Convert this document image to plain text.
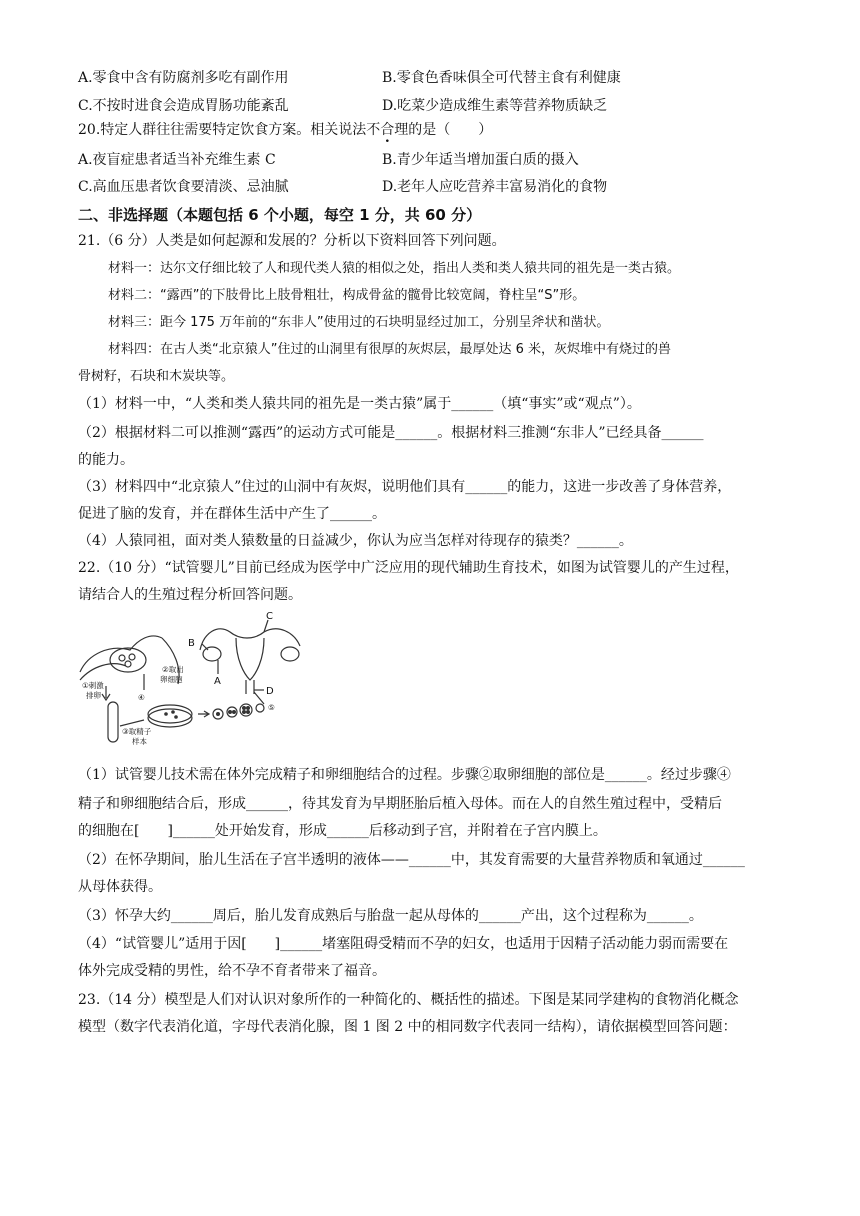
A.零食中含有防腐剂多吃有副作用	B.零食色香味俱全可代替主食有利健康
C.不按时进食会造成胃肠功能紊乱	D.吃菜少造成维生素等营养物质缺乏
20.特定人群往往需要特定饮食方案。相关说法不合理的是（　　）
A.夜盲症患者适当补充维生素 C	B.青少年适当增加蛋白质的摄入
C.高血压患者饮食要清淡、忌油腻	D.老年人应吃营养丰富易消化的食物
二、非选择题（本题包括 6 个小题，每空 1 分，共 60 分）
21.（6 分）人类是如何起源和发展的？分析以下资料回答下列问题。
材料一：达尔文仔细比较了人和现代类人猿的相似之处，指出人类和类人猿共同的祖先是一类古猿。
材料二：“露西”的下肢骨比上肢骨粗壮，构成骨盆的髋骨比较宽阔，脊柱呈“S”形。
材料三：距今 175 万年前的“东非人”使用过的石块明显经过加工，分别呈斧状和凿状。
材料四：在古人类“北京猿人”住过的山洞里有很厚的灰烬层，最厚处达 6 米，灰烬堆中有烧过的兽
骨树籽，石块和木炭块等。
（1）材料一中，“人类和类人猿共同的祖先是一类古猿”属于______（填“事实”或“观点”）。
（2）根据材料二可以推测“露西”的运动方式可能是______。根据材料三推测“东非人”已经具备______
的能力。
（3）材料四中“北京猿人”住过的山洞中有灰烬，说明他们具有______的能力，这进一步改善了身体营养，
促进了脑的发育，并在群体生活中产生了______。
（4）人猿同祖，面对类人猿数量的日益减少，你认为应当怎样对待现存的猿类？______。
22.（10 分）“试管婴儿”目前已经成为医学中广泛应用的现代辅助生育技术，如图为试管婴儿的产生过程，
请结合人的生殖过程分析回答问题。
C
B
A
D
①刺激
排卵
②取出
卵细胞
③取精子
样本
④
⑤
（1）试管婴儿技术需在体外完成精子和卵细胞结合的过程。步骤②取卵细胞的部位是______。经过步骤④
精子和卵细胞结合后，形成______，待其发育为早期胚胎后植入母体。而在人的自然生殖过程中，受精后
的细胞在[　　]______处开始发育，形成______后移动到子宫，并附着在子宫内膜上。
（2）在怀孕期间，胎儿生活在子宫半透明的液体——______中，其发育需要的大量营养物质和氧通过______
从母体获得。
（3）怀孕大约______周后，胎儿发育成熟后与胎盘一起从母体的______产出，这个过程称为______。
（4）“试管婴儿”适用于因[　　]______堵塞阻碍受精而不孕的妇女，也适用于因精子活动能力弱而需要在
体外完成受精的男性，给不孕不育者带来了福音。
23.（14 分）模型是人们对认识对象所作的一种简化的、概括性的描述。下图是某同学建构的食物消化概念
模型（数字代表消化道，字母代表消化腺，图 1 图 2 中的相同数字代表同一结构），请依据模型回答问题：
